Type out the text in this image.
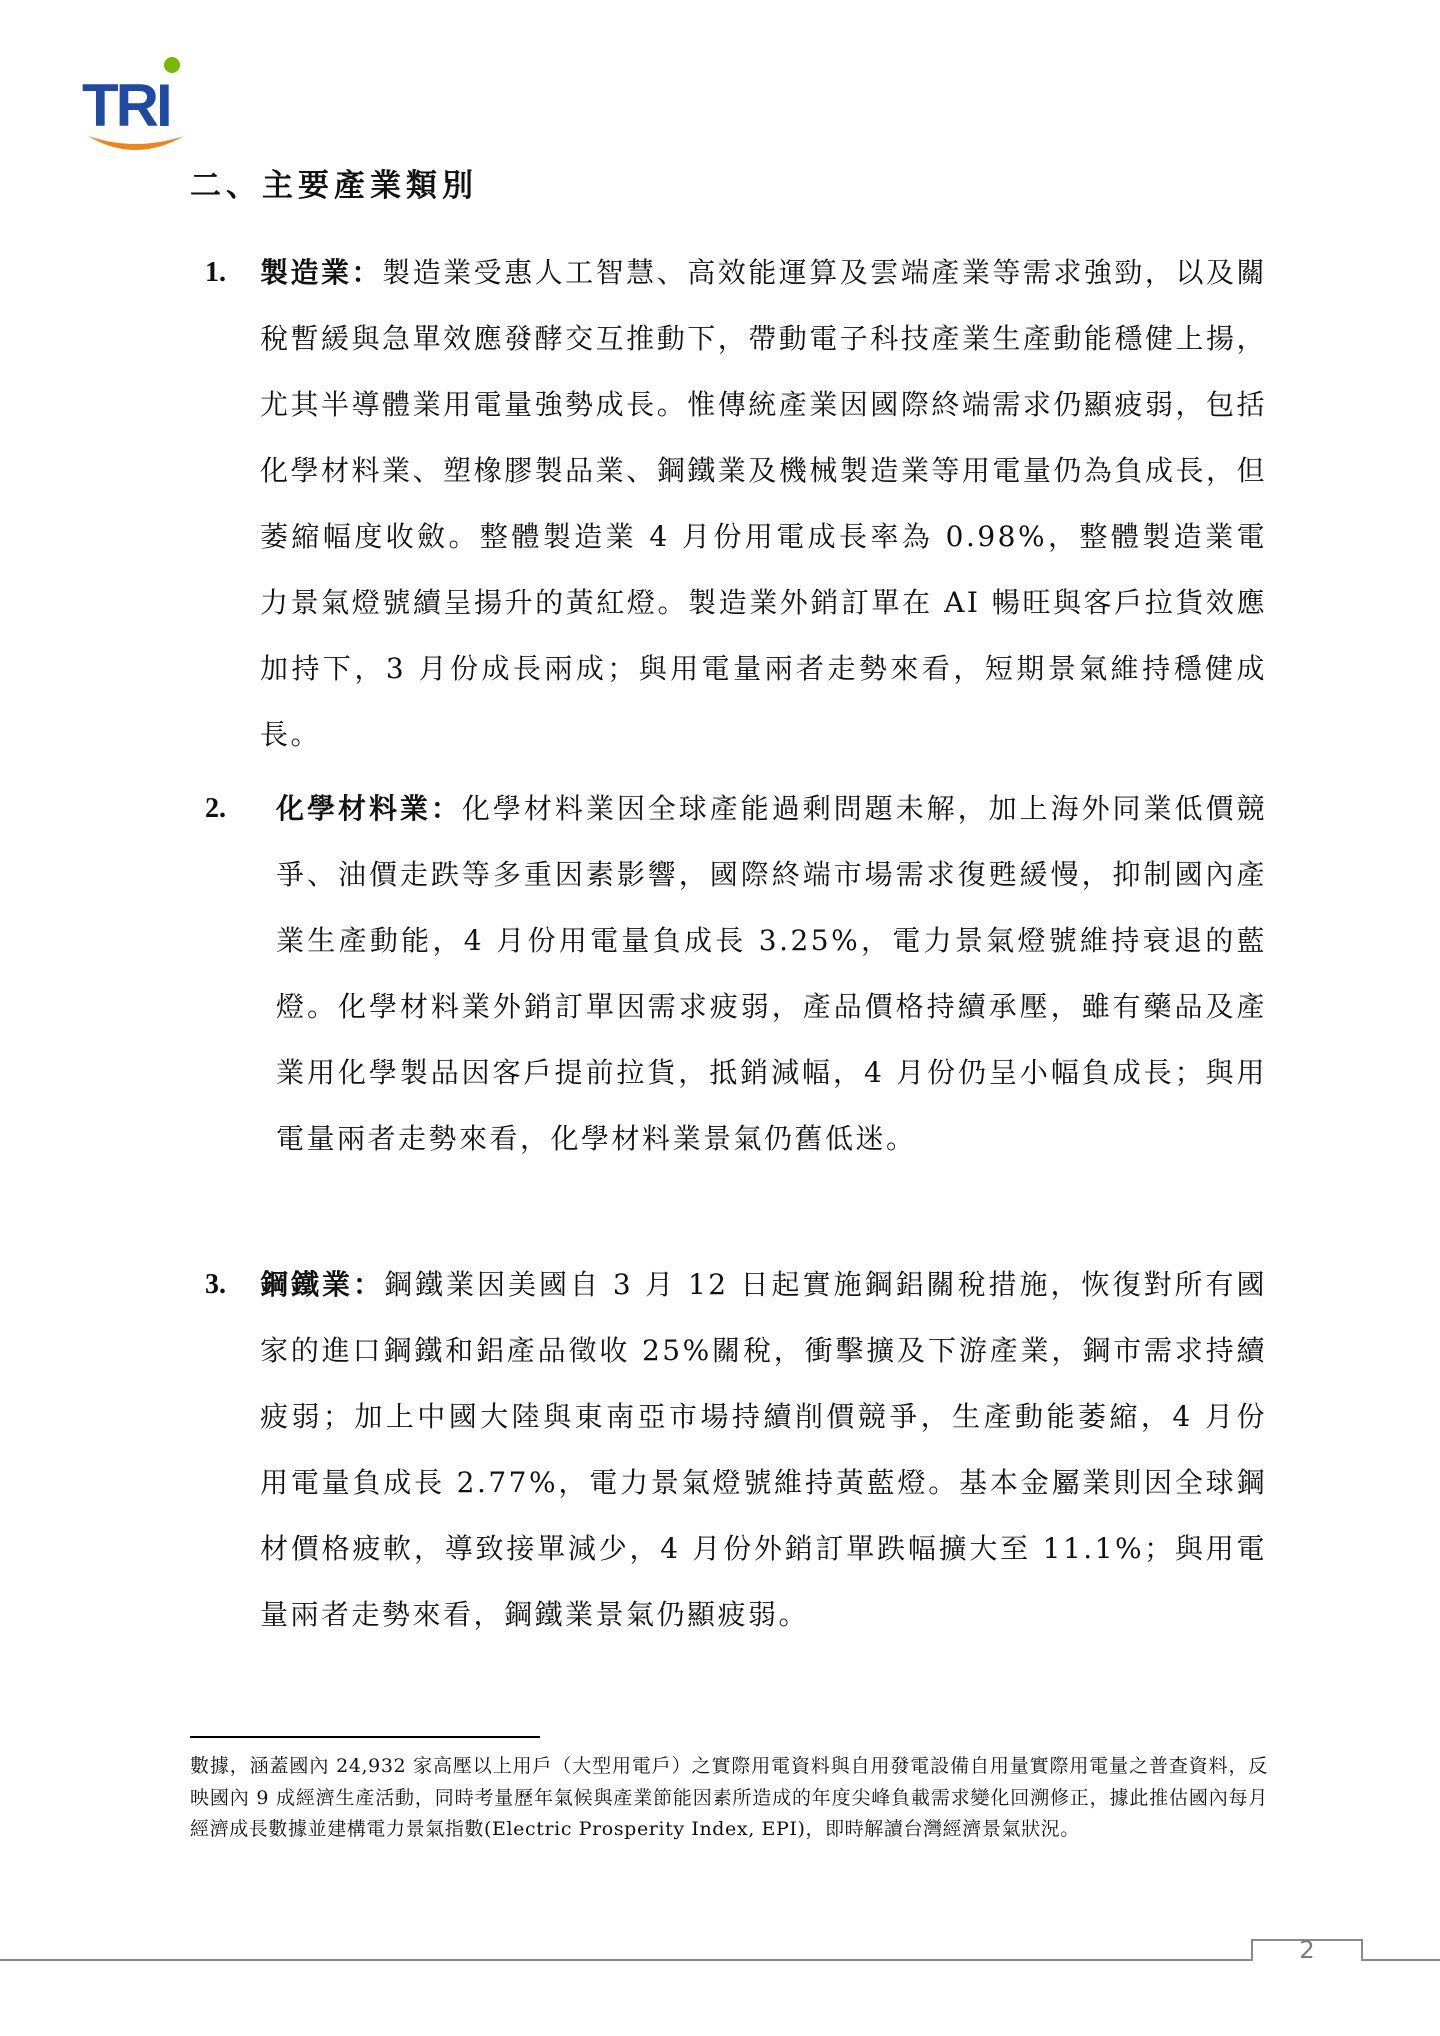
TRI
二、主要產業類別
1. 製造業：製造業受惠人工智慧、高效能運算及雲端產業等需求強勁，以及關稅暫緩與急單效應發酵交互推動下，帶動電子科技產業生產動能穩健上揚，尤其半導體業用電量強勢成長。惟傳統產業因國際終端需求仍顯疲弱，包括化學材料業、塑橡膠製品業、鋼鐵業及機械製造業等用電量仍為負成長，但萎縮幅度收斂。整體製造業 4 月份用電成長率為 0.98%，整體製造業電力景氣燈號續呈揚升的黃紅燈。製造業外銷訂單在 AI 暢旺與客戶拉貨效應加持下，3 月份成長兩成；與用電量兩者走勢來看，短期景氣維持穩健成長。
2. 化學材料業：化學材料業因全球產能過剩問題未解，加上海外同業低價競爭、油價走跌等多重因素影響，國際終端市場需求復甦緩慢，抑制國內產業生產動能，4 月份用電量負成長 3.25%，電力景氣燈號維持衰退的藍燈。化學材料業外銷訂單因需求疲弱，產品價格持續承壓，雖有藥品及產業用化學製品因客戶提前拉貨，抵銷減幅，4 月份仍呈小幅負成長；與用電量兩者走勢來看，化學材料業景氣仍舊低迷。
3. 鋼鐵業：鋼鐵業因美國自 3 月 12 日起實施鋼鋁關稅措施，恢復對所有國家的進口鋼鐵和鋁產品徵收 25%關稅，衝擊擴及下游產業，鋼市需求持續疲弱；加上中國大陸與東南亞市場持續削價競爭，生產動能萎縮，4 月份用電量負成長 2.77%，電力景氣燈號維持黃藍燈。基本金屬業則因全球鋼材價格疲軟，導致接單減少，4 月份外銷訂單跌幅擴大至 11.1%；與用電量兩者走勢來看，鋼鐵業景氣仍顯疲弱。
數據，涵蓋國內 24,932 家高壓以上用戶（大型用電戶）之實際用電資料與自用發電設備自用量實際用電量之普查資料，反映國內 9 成經濟生產活動，同時考量歷年氣候與產業節能因素所造成的年度尖峰負載需求變化回溯修正，據此推估國內每月經濟成長數據並建構電力景氣指數(Electric Prosperity Index, EPI)，即時解讀台灣經濟景氣狀況。
2
